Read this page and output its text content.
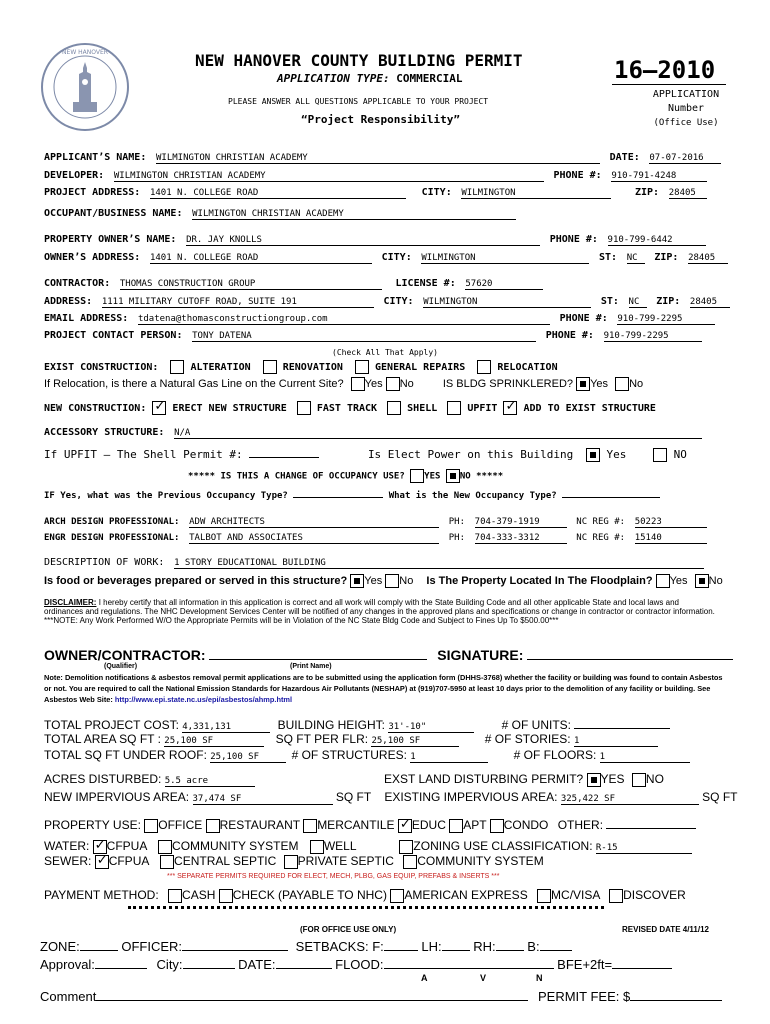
NEW HANOVER	NEW HANOVER COUNTY BUILDING PERMIT
APPLICATION TYPE: COMMERCIAL
PLEASE ANSWER ALL QUESTIONS APPLICABLE TO YOUR PROJECT
“Project Responsibility”
16–2010
APPLICATION
Number
(Office Use)
APPLICANT’S NAME: WILMINGTON CHRISTIAN ACADEMY	DATE: 07-07-2016
DEVELOPER: WILMINGTON CHRISTIAN ACADEMY	PHONE #: 910-791-4248
PROJECT ADDRESS: 1401 N. COLLEGE ROAD	CITY: WILMINGTON	ZIP: 28405
OCCUPANT/BUSINESS NAME: WILMINGTON CHRISTIAN ACADEMY
PROPERTY OWNER’S NAME: DR. JAY KNOLLS	PHONE #: 910-799-6442
OWNER’S ADDRESS: 1401 N. COLLEGE ROAD	CITY: WILMINGTON	ST: NC ZIP: 28405
CONTRACTOR: THOMAS CONSTRUCTION GROUP	LICENSE #: 57620
ADDRESS: 1111 MILITARY CUTOFF ROAD, SUITE 191	CITY: WILMINGTON	ST: NC ZIP: 28405
EMAIL ADDRESS: tdatena@thomasconstructiongroup.com	PHONE #: 910-799-2295
PROJECT CONTACT PERSON: TONY DATENA	PHONE #: 910-799-2295
(Check All That Apply)
EXIST CONSTRUCTION:	ALTERATION	RENOVATION	GENERAL REPAIRS	RELOCATION
If Relocation, is there a Natural Gas Line on the Current Site? Yes No	IS BLDG SPRINKLERED? Yes No
NEW CONSTRUCTION: ✓	ERECT NEW STRUCTURE	FAST TRACK	SHELL	UPFIT ✓	ADD TO EXIST STRUCTURE
ACCESSORY STRUCTURE: N/A
If UPFIT – The Shell Permit #:	Is Elect Power on this Building	Yes	NO
***** IS THIS A CHANGE OF OCCUPANCY USE? YES NO *****
IF Yes, what was the Previous Occupancy Type?	What is the New Occupancy Type?
ARCH DESIGN PROFESSIONAL: ADW ARCHITECTS	PH: 704-379-1919	NC REG #: 50223
ENGR DESIGN PROFESSIONAL: TALBOT AND ASSOCIATES	PH: 704-333-3312	NC REG #: 15140
DESCRIPTION OF WORK: 1 STORY EDUCATIONAL BUILDING
Is food or beverages prepared or served in this structure? Yes No Is The Property Located In The Floodplain? Yes No
DISCLAIMER: I hereby certify that all information in this application is correct and all work will comply with the State Building Code and all other applicable State and local laws and ordinances and regulations. The NHC Development Services Center will be notified of any changes in the approved plans and specifications or change in contractor or contractor information. ***NOTE: Any Work Performed W/O the Appropriate Permits will be in Violation of the NC State Bldg Code and Subject to Fines Up To $500.00***
OWNER/CONTRACTOR:	SIGNATURE:
(Qualifier)	(Print Name)
Note: Demolition notifications & asbestos removal permit applications are to be submitted using the application form (DHHS-3768) whether the facility or building was found to contain Asbestos or not. You are required to call the National Emission Standards for Hazardous Air Pollutants (NESHAP) at (919)707-5950 at least 10 days prior to the demolition of any facility or building. See Asbestos Web Site: http://www.epi.state.nc.us/epi/asbestos/ahmp.html
TOTAL PROJECT COST: 4,331,131	BUILDING HEIGHT: 31'-10"	# OF UNITS:
TOTAL AREA SQ FT : 25,100 SF	SQ FT PER FLR: 25,100 SF	# OF STORIES: 1
TOTAL SQ FT UNDER ROOF: 25,100 SF	# OF STRUCTURES: 1	# OF FLOORS: 1
ACRES DISTURBED: 5.5 acre	EXST LAND DISTURBING PERMIT? YES NO
NEW IMPERVIOUS AREA: 37,474 SF	SQ FT EXISTING IMPERVIOUS AREA: 325,422 SF	SQ FT
PROPERTY USE: OFFICE RESTAURANT MERCANTILE ✓ EDUC APT CONDO OTHER:
WATER: ✓ CFPUA COMMUNITY SYSTEM WELL	ZONING USE CLASSIFICATION: R-15
SEWER: ✓ CFPUA CENTRAL SEPTIC PRIVATE SEPTIC COMMUNITY SYSTEM
*** SEPARATE PERMITS REQUIRED FOR ELECT, MECH, PLBG, GAS EQUIP, PREFABS & INSERTS ***
PAYMENT METHOD: CASH CHECK (PAYABLE TO NHC) AMERICAN EXPRESS MC/VISA DISCOVER
(FOR OFFICE USE ONLY)	REVISED DATE 4/11/12
ZONE:	OFFICER:	SETBACKS: F:	LH: RH: B:
Approval:	City:	DATE:	FLOOD:	BFE+2ft=
A	V	N
Comment	PERMIT FEE: $
